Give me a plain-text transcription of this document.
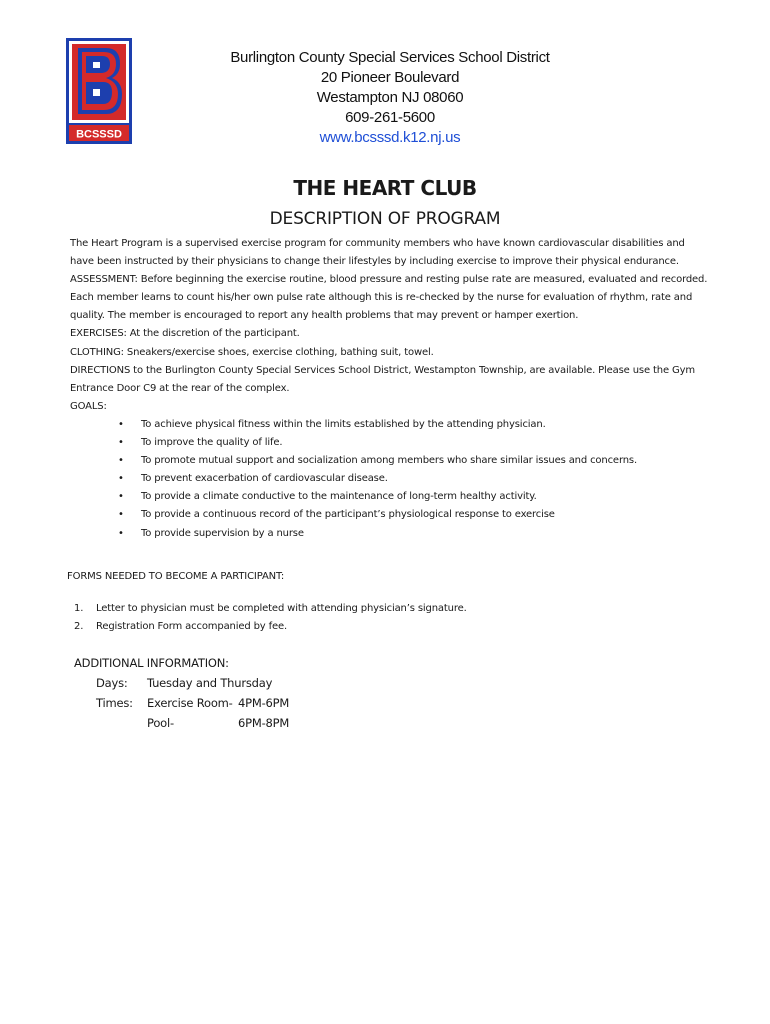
BCSSSD
Burlington County Special Services School District
20 Pioneer Boulevard
Westampton NJ 08060
609-261-5600
www.bcsssd.k12.nj.us
THE HEART CLUB
DESCRIPTION OF PROGRAM

The Heart Program is a supervised exercise program for community members who have known cardiovascular disabilities and have been instructed by their physicians to change their lifestyles by including exercise to improve their physical endurance.

ASSESSMENT: Before beginning the exercise routine, blood pressure and resting pulse rate are measured, evaluated and recorded. Each member learns to count his/her own pulse rate although this is re-checked by the nurse for evaluation of rhythm, rate and quality. The member is encouraged to report any health problems that may prevent or hamper exertion.

EXERCISES: At the discretion of the participant.

CLOTHING: Sneakers/exercise shoes, exercise clothing, bathing suit, towel.

DIRECTIONS to the Burlington County Special Services School District, Westampton Township, are available. Please use the Gym Entrance Door C9 at the rear of the complex.

GOALS:

• To achieve physical fitness within the limits established by the attending physician.
• To improve the quality of life.
• To promote mutual support and socialization among members who share similar issues and concerns.
• To prevent exacerbation of cardiovascular disease.
• To provide a climate conductive to the maintenance of long-term healthy activity.
• To provide a continuous record of the participant’s physiological response to exercise
• To provide supervision by a nurse
FORMS NEEDED TO BECOME A PARTICIPANT:
1. Letter to physician must be completed with attending physician’s signature.
2. Registration Form accompanied by fee.
ADDITIONAL INFORMATION:
Days: Tuesday and Thursday
Times: Exercise Room- 4PM-6PM
Pool-	6PM-8PM
